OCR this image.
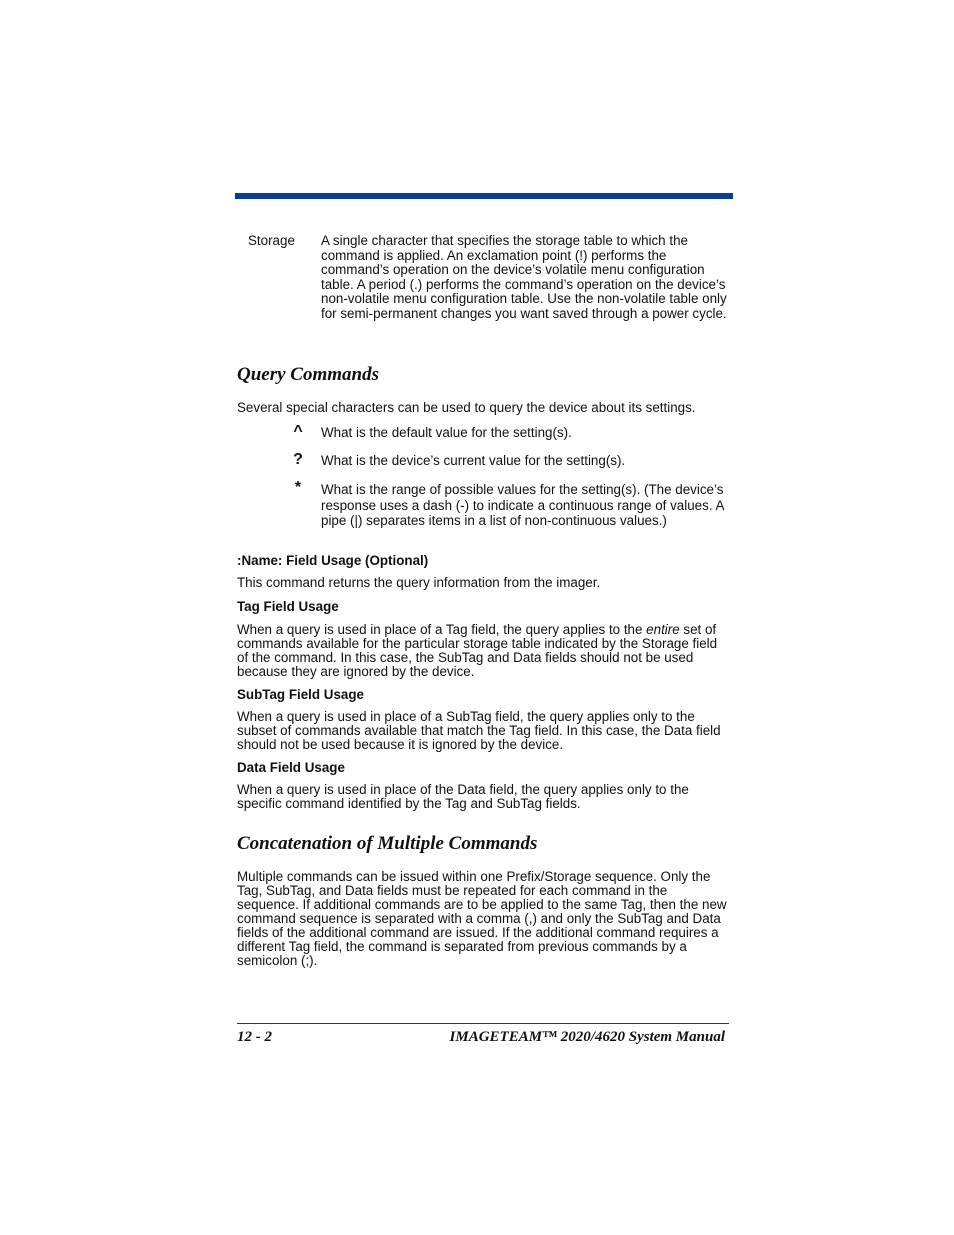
Storage A single character that specifies the storage table to which the command is applied. An exclamation point (!) performs the command’s operation on the device’s volatile menu configuration table. A period (.) performs the command’s operation on the device’s non-volatile menu configuration table. Use the non-volatile table only for semi-permanent changes you want saved through a power cycle.
Query Commands
Several special characters can be used to query the device about its settings.
^ What is the default value for the setting(s).
? What is the device’s current value for the setting(s).
* What is the range of possible values for the setting(s). (The device’s response uses a dash (-) to indicate a continuous range of values. A pipe (|) separates items in a list of non-continuous values.)
:Name: Field Usage (Optional)
This command returns the query information from the imager.
Tag Field Usage
When a query is used in place of a Tag field, the query applies to the entire set of commands available for the particular storage table indicated by the Storage field of the command. In this case, the SubTag and Data fields should not be used because they are ignored by the device.
SubTag Field Usage
When a query is used in place of a SubTag field, the query applies only to the subset of commands available that match the Tag field. In this case, the Data field should not be used because it is ignored by the device.
Data Field Usage
When a query is used in place of the Data field, the query applies only to the specific command identified by the Tag and SubTag fields.
Concatenation of Multiple Commands
Multiple commands can be issued within one Prefix/Storage sequence. Only the Tag, SubTag, and Data fields must be repeated for each command in the sequence. If additional commands are to be applied to the same Tag, then the new command sequence is separated with a comma (,) and only the SubTag and Data fields of the additional command are issued. If the additional command requires a different Tag field, the command is separated from previous commands by a semicolon (;).
12 - 2	IMAGETEAM™ 2020/4620 System Manual
